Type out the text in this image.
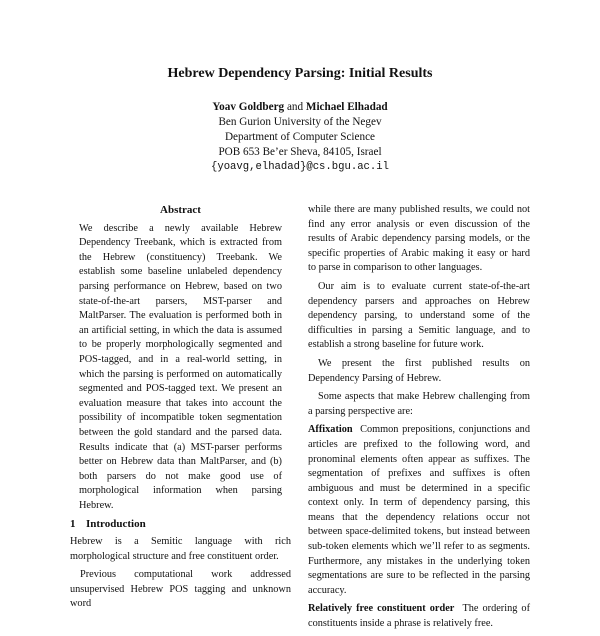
Hebrew Dependency Parsing: Initial Results
Yoav Goldberg and Michael Elhadad
Ben Gurion University of the Negev
Department of Computer Science
POB 653 Be’er Sheva, 84105, Israel
{yoavg,elhadad}@cs.bgu.ac.il
Abstract

We describe a newly available Hebrew Dependency Treebank, which is extracted from the Hebrew (constituency) Treebank. We establish some baseline unlabeled dependency parsing performance on Hebrew, based on two state-of-the-art parsers, MST-parser and MaltParser. The evaluation is performed both in an artificial setting, in which the data is assumed to be properly morphologically segmented and POS-tagged, and in a real-world setting, in which the parsing is performed on automatically segmented and POS-tagged text. We present an evaluation measure that takes into account the possibility of incompatible token segmentation between the gold standard and the parsed data. Results indicate that (a) MST-parser performs better on Hebrew data than MaltParser, and (b) both parsers do not make good use of morphological information when parsing Hebrew.

1 Introduction

Hebrew is a Semitic language with rich morphological structure and free constituent order.

Previous computational work addressed unsupervised Hebrew POS tagging and unknown word

while there are many published results, we could not find any error analysis or even discussion of the results of Arabic dependency parsing models, or the specific properties of Arabic making it easy or hard to parse in comparison to other languages.

Our aim is to evaluate current state-of-the-art dependency parsers and approaches on Hebrew dependency parsing, to understand some of the difficulties in parsing a Semitic language, and to establish a strong baseline for future work.

We present the first published results on Dependency Parsing of Hebrew.

Some aspects that make Hebrew challenging from a parsing perspective are:

Affixation Common prepositions, conjunctions and articles are prefixed to the following word, and pronominal elements often appear as suffixes. The segmentation of prefixes and suffixes is often ambiguous and must be determined in a specific context only. In term of dependency parsing, this means that the dependency relations occur not between space-delimited tokens, but instead between sub-token elements which we’ll refer to as segments. Furthermore, any mistakes in the underlying token segmentations are sure to be reflected in the parsing accuracy.

Relatively free constituent order The ordering of constituents inside a phrase is relatively free.
